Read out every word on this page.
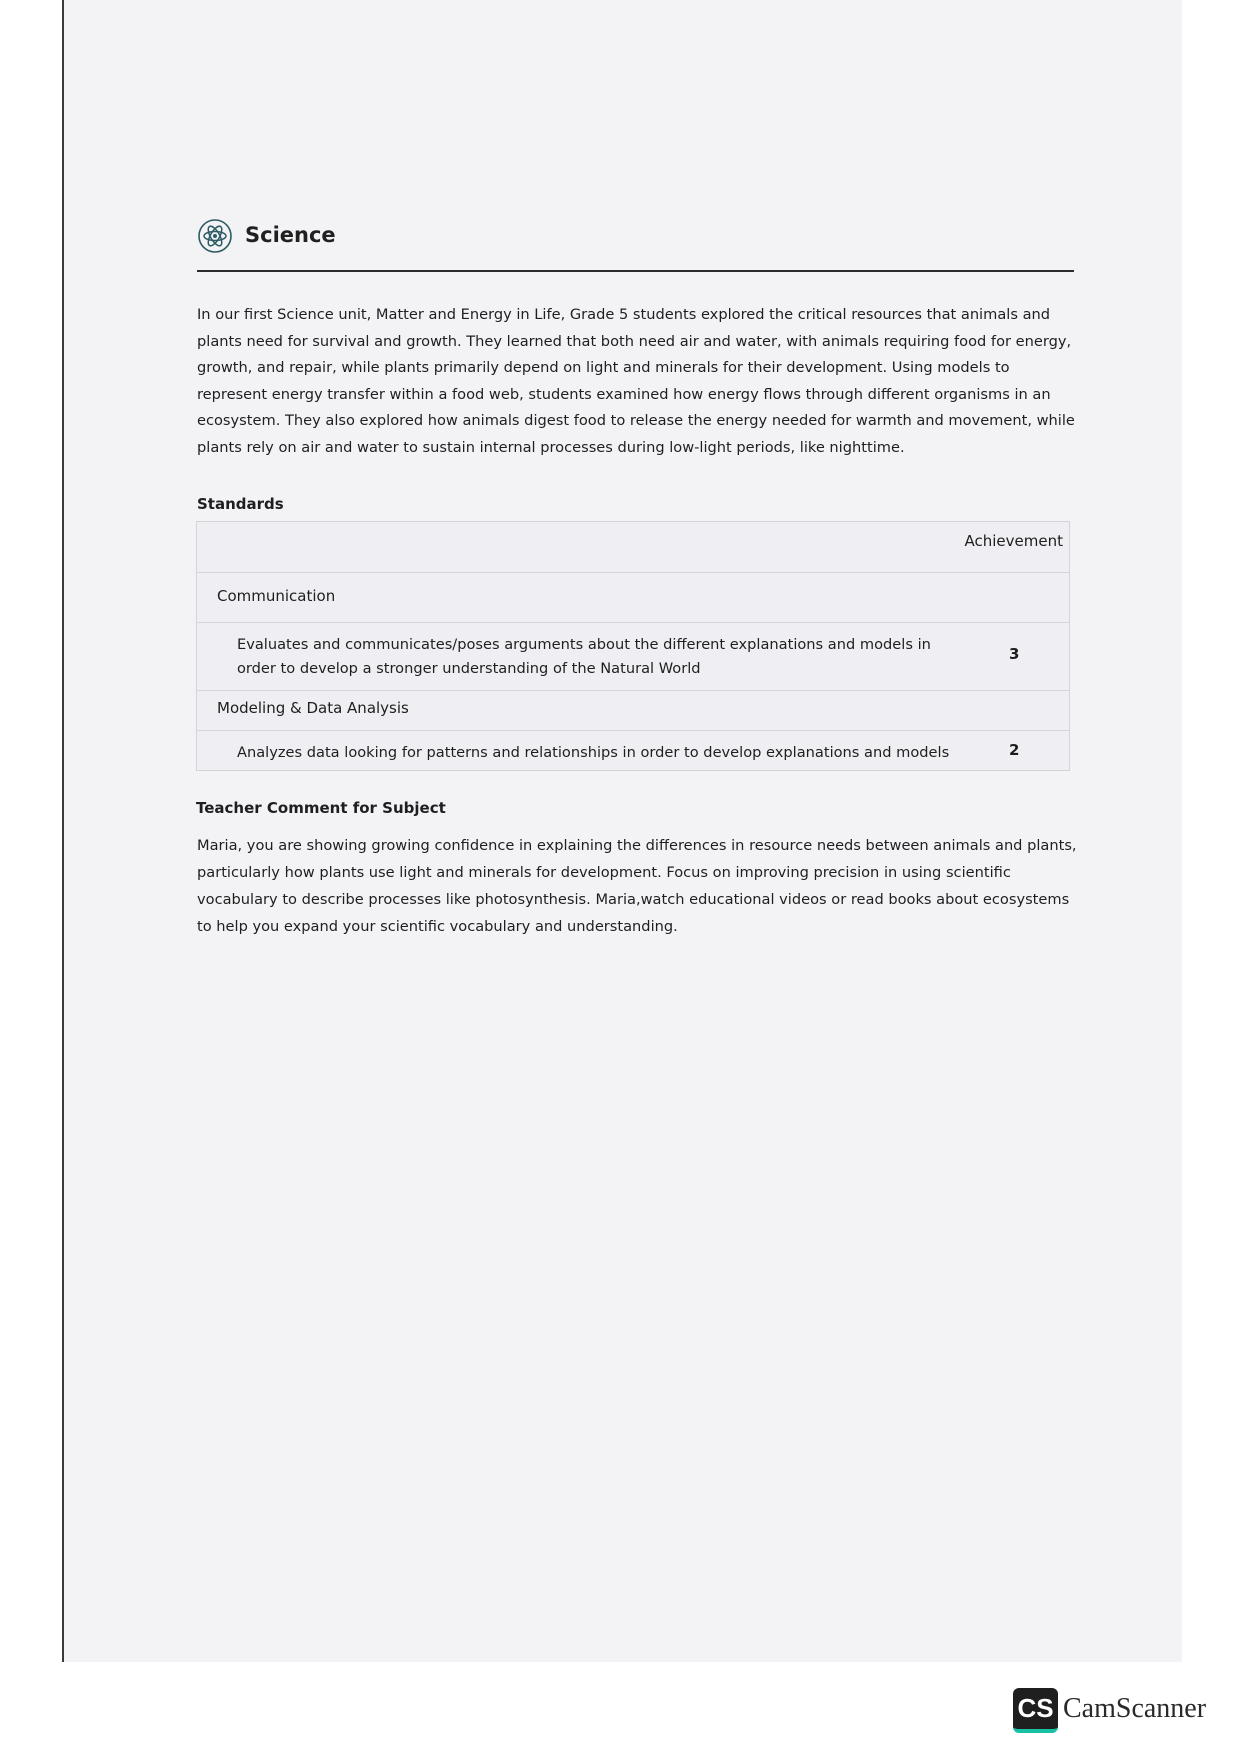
Science
In our first Science unit, Matter and Energy in Life, Grade 5 students explored the critical resources that animals and plants need for survival and growth. They learned that both need air and water, with animals requiring food for energy, growth, and repair, while plants primarily depend on light and minerals for their development. Using models to represent energy transfer within a food web, students examined how energy flows through different organisms in an ecosystem. They also explored how animals digest food to release the energy needed for warmth and movement, while plants rely on air and water to sustain internal processes during low-light periods, like nighttime.
Standards
Achievement
Communication
Evaluates and communicates/poses arguments about the different explanations and models in order to develop a stronger understanding of the Natural World
3
Modeling & Data Analysis
Analyzes data looking for patterns and relationships in order to develop explanations and models	2
Teacher Comment for Subject
Maria, you are showing growing confidence in explaining the differences in resource needs between animals and plants, particularly how plants use light and minerals for development. Focus on improving precision in using scientific vocabulary to describe processes like photosynthesis. Maria,watch educational videos or read books about ecosystems to help you expand your scientific vocabulary and understanding.
CS CamScanner
